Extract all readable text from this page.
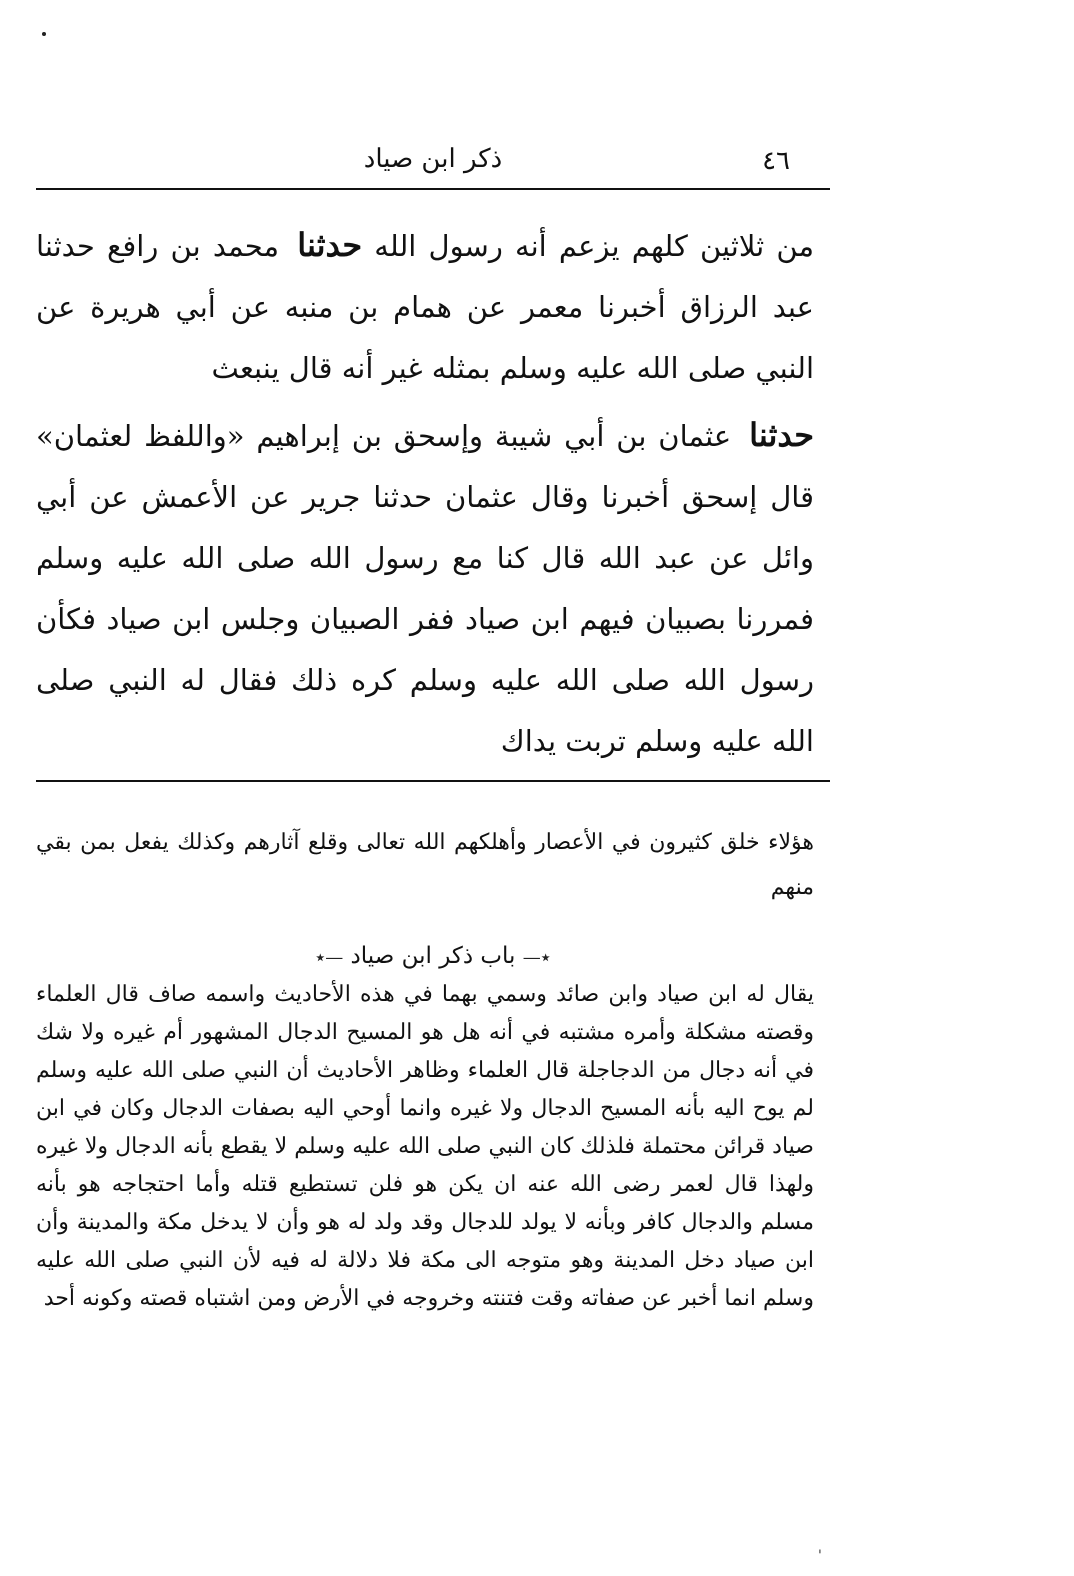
٤٦
ذكر ابن صياد

من ثلاثين كلهم يزعم أنه رسول الله حدثنا محمد بن رافع حدثنا عبد الرزاق أخبرنا معمر عن همام بن منبه عن أبي هريرة عن النبي صلى الله عليه وسلم بمثله غير أنه قال ينبعث

حدثنا عثمان بن أبي شيبة وإسحق بن إبراهيم «واللفظ لعثمان» قال إسحق أخبرنا وقال عثمان حدثنا جرير عن الأعمش عن أبي وائل عن عبد الله قال كنا مع رسول الله صلى الله عليه وسلم فمررنا بصبيان فيهم ابن صياد ففر الصبيان وجلس ابن صياد فكأن رسول الله صلى الله عليه وسلم كره ذلك فقال له النبي صلى الله عليه وسلم تربت يداك

هؤلاء خلق كثيرون في الأعصار وأهلكهم الله تعالى وقلع آثارهم وكذلك يفعل بمن بقي منهم

٭— باب ذكر ابن صياد —٭

يقال له ابن صياد وابن صائد وسمي بهما في هذه الأحاديث واسمه صاف قال العلماء وقصته مشكلة وأمره مشتبه في أنه هل هو المسيح الدجال المشهور أم غيره ولا شك في أنه دجال من الدجاجلة قال العلماء وظاهر الأحاديث أن النبي صلى الله عليه وسلم لم يوح اليه بأنه المسيح الدجال ولا غيره وانما أوحي اليه بصفات الدجال وكان في ابن صياد قرائن محتملة فلذلك كان النبي صلى الله عليه وسلم لا يقطع بأنه الدجال ولا غيره ولهذا قال لعمر رضى الله عنه ان يكن هو فلن تستطيع قتله وأما احتجاجه هو بأنه مسلم والدجال كافر وبأنه لا يولد للدجال وقد ولد له هو وأن لا يدخل مكة والمدينة وأن ابن صياد دخل المدينة وهو متوجه الى مكة فلا دلالة له فيه لأن النبي صلى الله عليه وسلم انما أخبر عن صفاته وقت فتنته وخروجه في الأرض ومن اشتباه قصته وكونه أحد

'
